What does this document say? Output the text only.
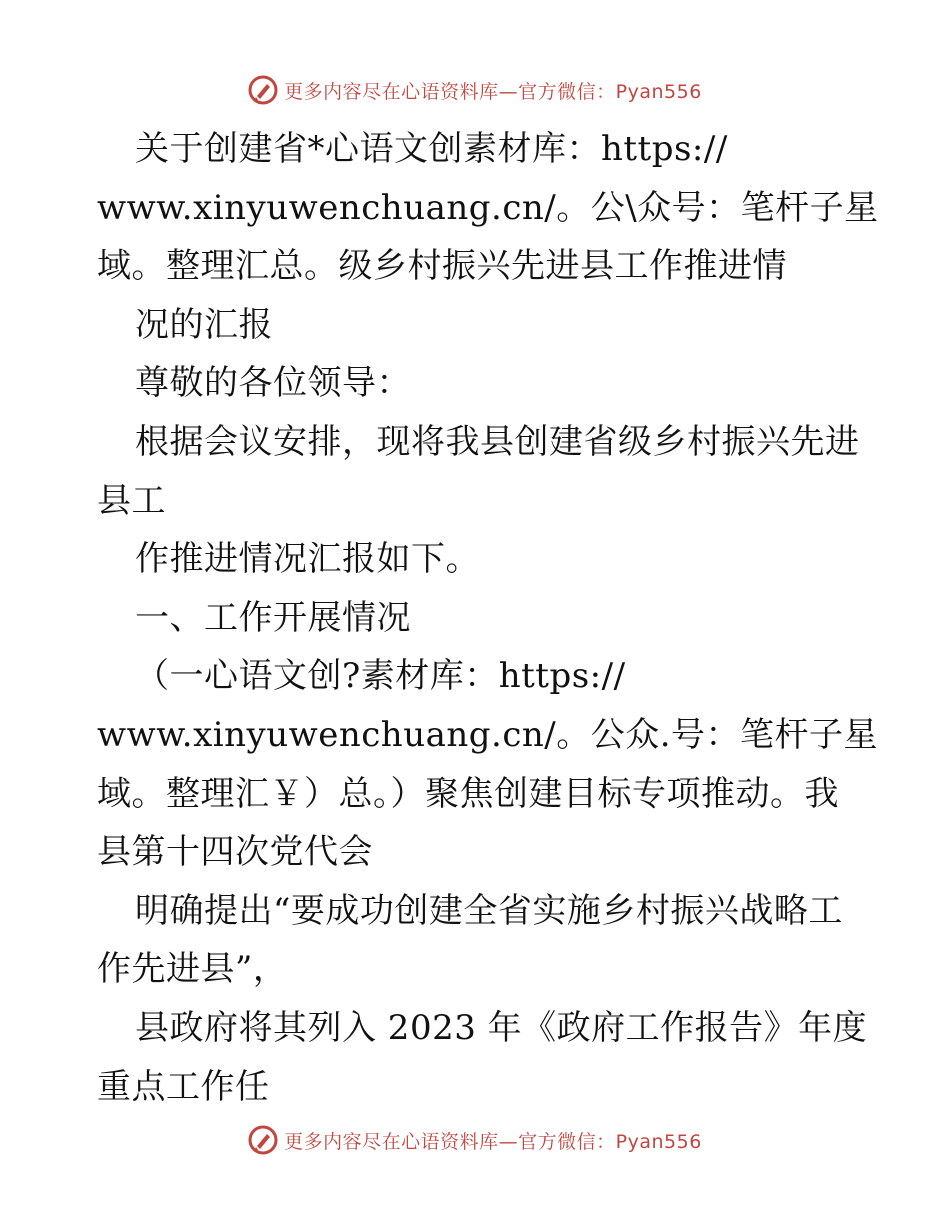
更多内容尽在心语资料库—官方微信：Pyan556
关于创建省*心语文创素材库：https://
www.xinyuwenchuang.cn/。公\众号：笔杆子星
域。整理汇总。级乡村振兴先进县工作推进情
况的汇报
尊敬的各位领导：
根据会议安排，现将我县创建省级乡村振兴先进
县工
作推进情况汇报如下。
一、工作开展情况
（一心语文创?素材库：https://
www.xinyuwenchuang.cn/。公众.号：笔杆子星
域。整理汇￥）总。）聚焦创建目标专项推动。我
县第十四次党代会
明确提出“要成功创建全省实施乡村振兴战略工
作先进县”，
县政府将其列入 2023 年《政府工作报告》年度
重点工作任
更多内容尽在心语资料库—官方微信：Pyan556
